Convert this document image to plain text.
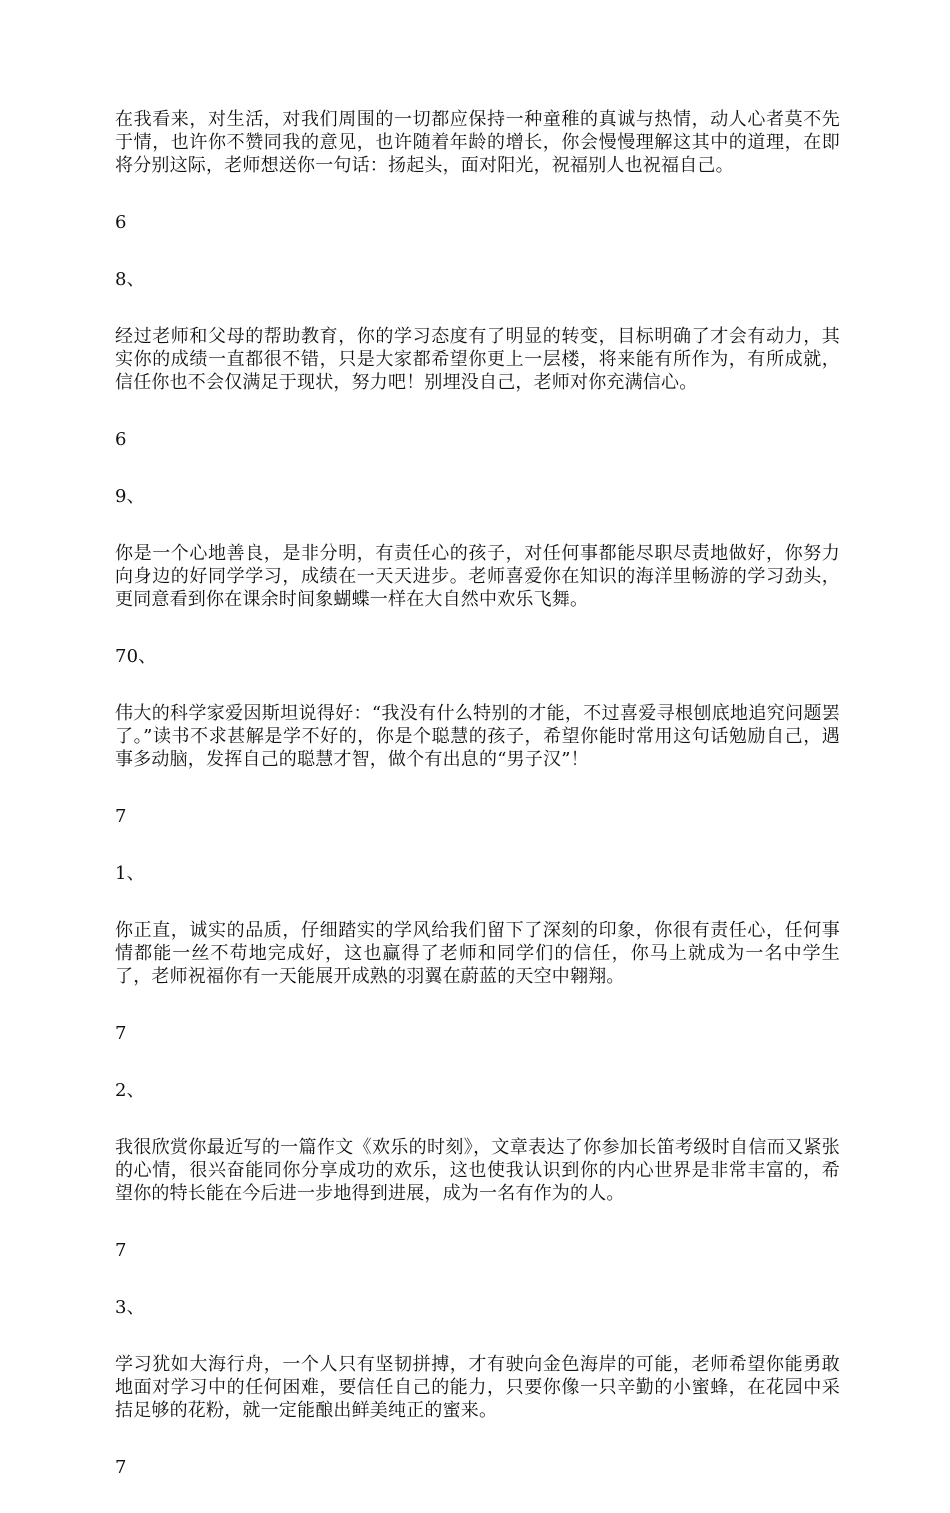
在我看来，对生活，对我们周围的一切都应保持一种童稚的真诚与热情，动人心者莫不先于情，也许你不赞同我的意见，也许随着年龄的增长，你会慢慢理解这其中的道理，在即将分别这际，老师想送你一句话：扬起头，面对阳光，祝福别人也祝福自己。

6

8、

经过老师和父母的帮助教育，你的学习态度有了明显的转变，目标明确了才会有动力，其实你的成绩一直都很不错，只是大家都希望你更上一层楼，将来能有所作为，有所成就，信任你也不会仅满足于现状，努力吧！别埋没自己，老师对你充满信心。

6

9、

你是一个心地善良，是非分明，有责任心的孩子，对任何事都能尽职尽责地做好，你努力向身边的好同学学习，成绩在一天天进步。老师喜爱你在知识的海洋里畅游的学习劲头，更同意看到你在课余时间象蝴蝶一样在大自然中欢乐飞舞。

70、

伟大的科学家爱因斯坦说得好：“我没有什么特别的才能，不过喜爱寻根刨底地追究问题罢了。”读书不求甚解是学不好的，你是个聪慧的孩子，希望你能时常用这句话勉励自己，遇事多动脑，发挥自己的聪慧才智，做个有出息的“男子汉”！

7

1、

你正直，诚实的品质，仔细踏实的学风给我们留下了深刻的印象，你很有责任心，任何事情都能一丝不苟地完成好，这也赢得了老师和同学们的信任，你马上就成为一名中学生了，老师祝福你有一天能展开成熟的羽翼在蔚蓝的天空中翱翔。

7

2、

我很欣赏你最近写的一篇作文《欢乐的时刻》，文章表达了你参加长笛考级时自信而又紧张的心情，很兴奋能同你分享成功的欢乐，这也使我认识到你的内心世界是非常丰富的，希望你的特长能在今后进一步地得到进展，成为一名有作为的人。

7

3、

学习犹如大海行舟，一个人只有坚韧拼搏，才有驶向金色海岸的可能，老师希望你能勇敢地面对学习中的任何困难，要信任自己的能力，只要你像一只辛勤的小蜜蜂，在花园中采拮足够的花粉，就一定能酿出鲜美纯正的蜜来。

7
